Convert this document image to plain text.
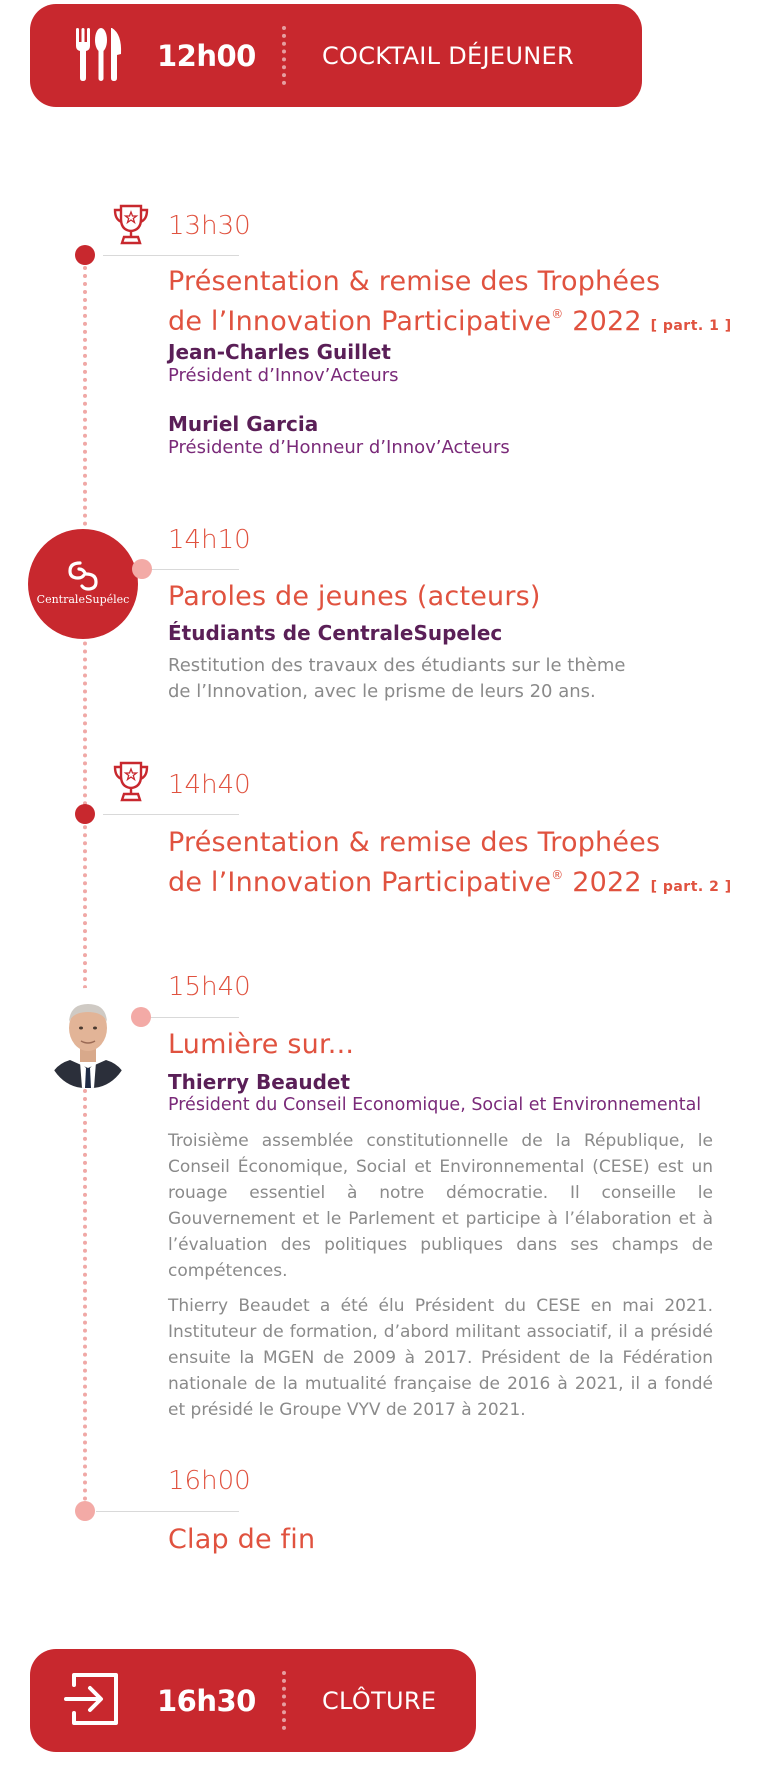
12h00	COCKTAIL DÉJEUNER
13h30
Présentation & remise des Trophées
de l’Innovation Participative® 2022 [ part. 1 ]
Jean-Charles Guillet
Président d’Innov’Acteurs
Muriel Garcia
Présidente d’Honneur d’Innov’Acteurs
CentraleSupélec
14h10
Paroles de jeunes (acteurs)
Étudiants de CentraleSupelec
Restitution des travaux des étudiants sur le thème
de l’Innovation, avec le prisme de leurs 20 ans.
14h40
Présentation & remise des Trophées
de l’Innovation Participative® 2022 [ part. 2 ]
15h40
Lumière sur...
Thierry Beaudet
Président du Conseil Economique, Social et Environnemental
Troisième assemblée constitutionnelle de la République, le Conseil Économique, Social et Environnemental (CESE) est un rouage essentiel à notre démocratie. Il conseille le Gouvernement et le Parlement et participe à l’élaboration et à l’évaluation des politiques publiques dans ses champs de compétences.
Thierry Beaudet a été élu Président du CESE en mai 2021. Instituteur de formation, d’abord militant associatif, il a présidé ensuite la MGEN de 2009 à 2017. Président de la Fédération nationale de la mutualité française de 2016 à 2021, il a fondé et présidé le Groupe VYV de 2017 à 2021.
16h00
Clap de fin
16h30	CLÔTURE
